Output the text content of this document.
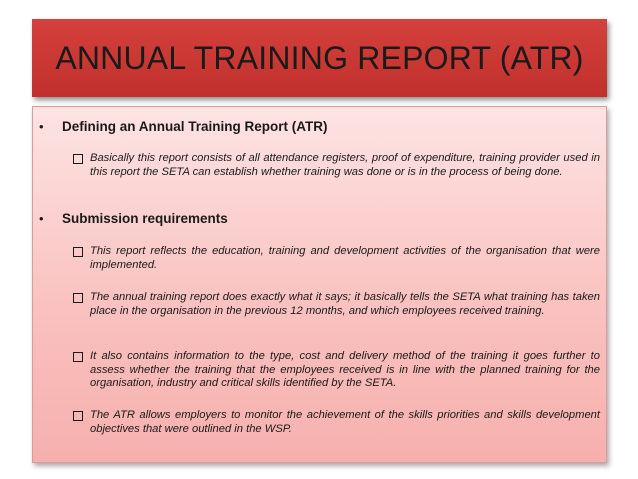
ANNUAL TRAINING REPORT (ATR)
•	Defining an Annual Training Report (ATR)
Basically this report consists of all attendance registers, proof of expenditure, training provider used in this report the SETA can establish whether training was done or is in the process of being done.
•	Submission requirements
This report reflects the education, training and development activities of the organisation that were implemented.
The annual training report does exactly what it says; it basically tells the SETA what training has taken place in the organisation in the previous 12 months, and which employees received training.
It also contains information to the type, cost and delivery method of the training it goes further to assess whether the training that the employees received is in line with the planned training for the organisation, industry and critical skills identified by the SETA.
The ATR allows employers to monitor the achievement of the skills priorities and skills development objectives that were outlined in the WSP.
